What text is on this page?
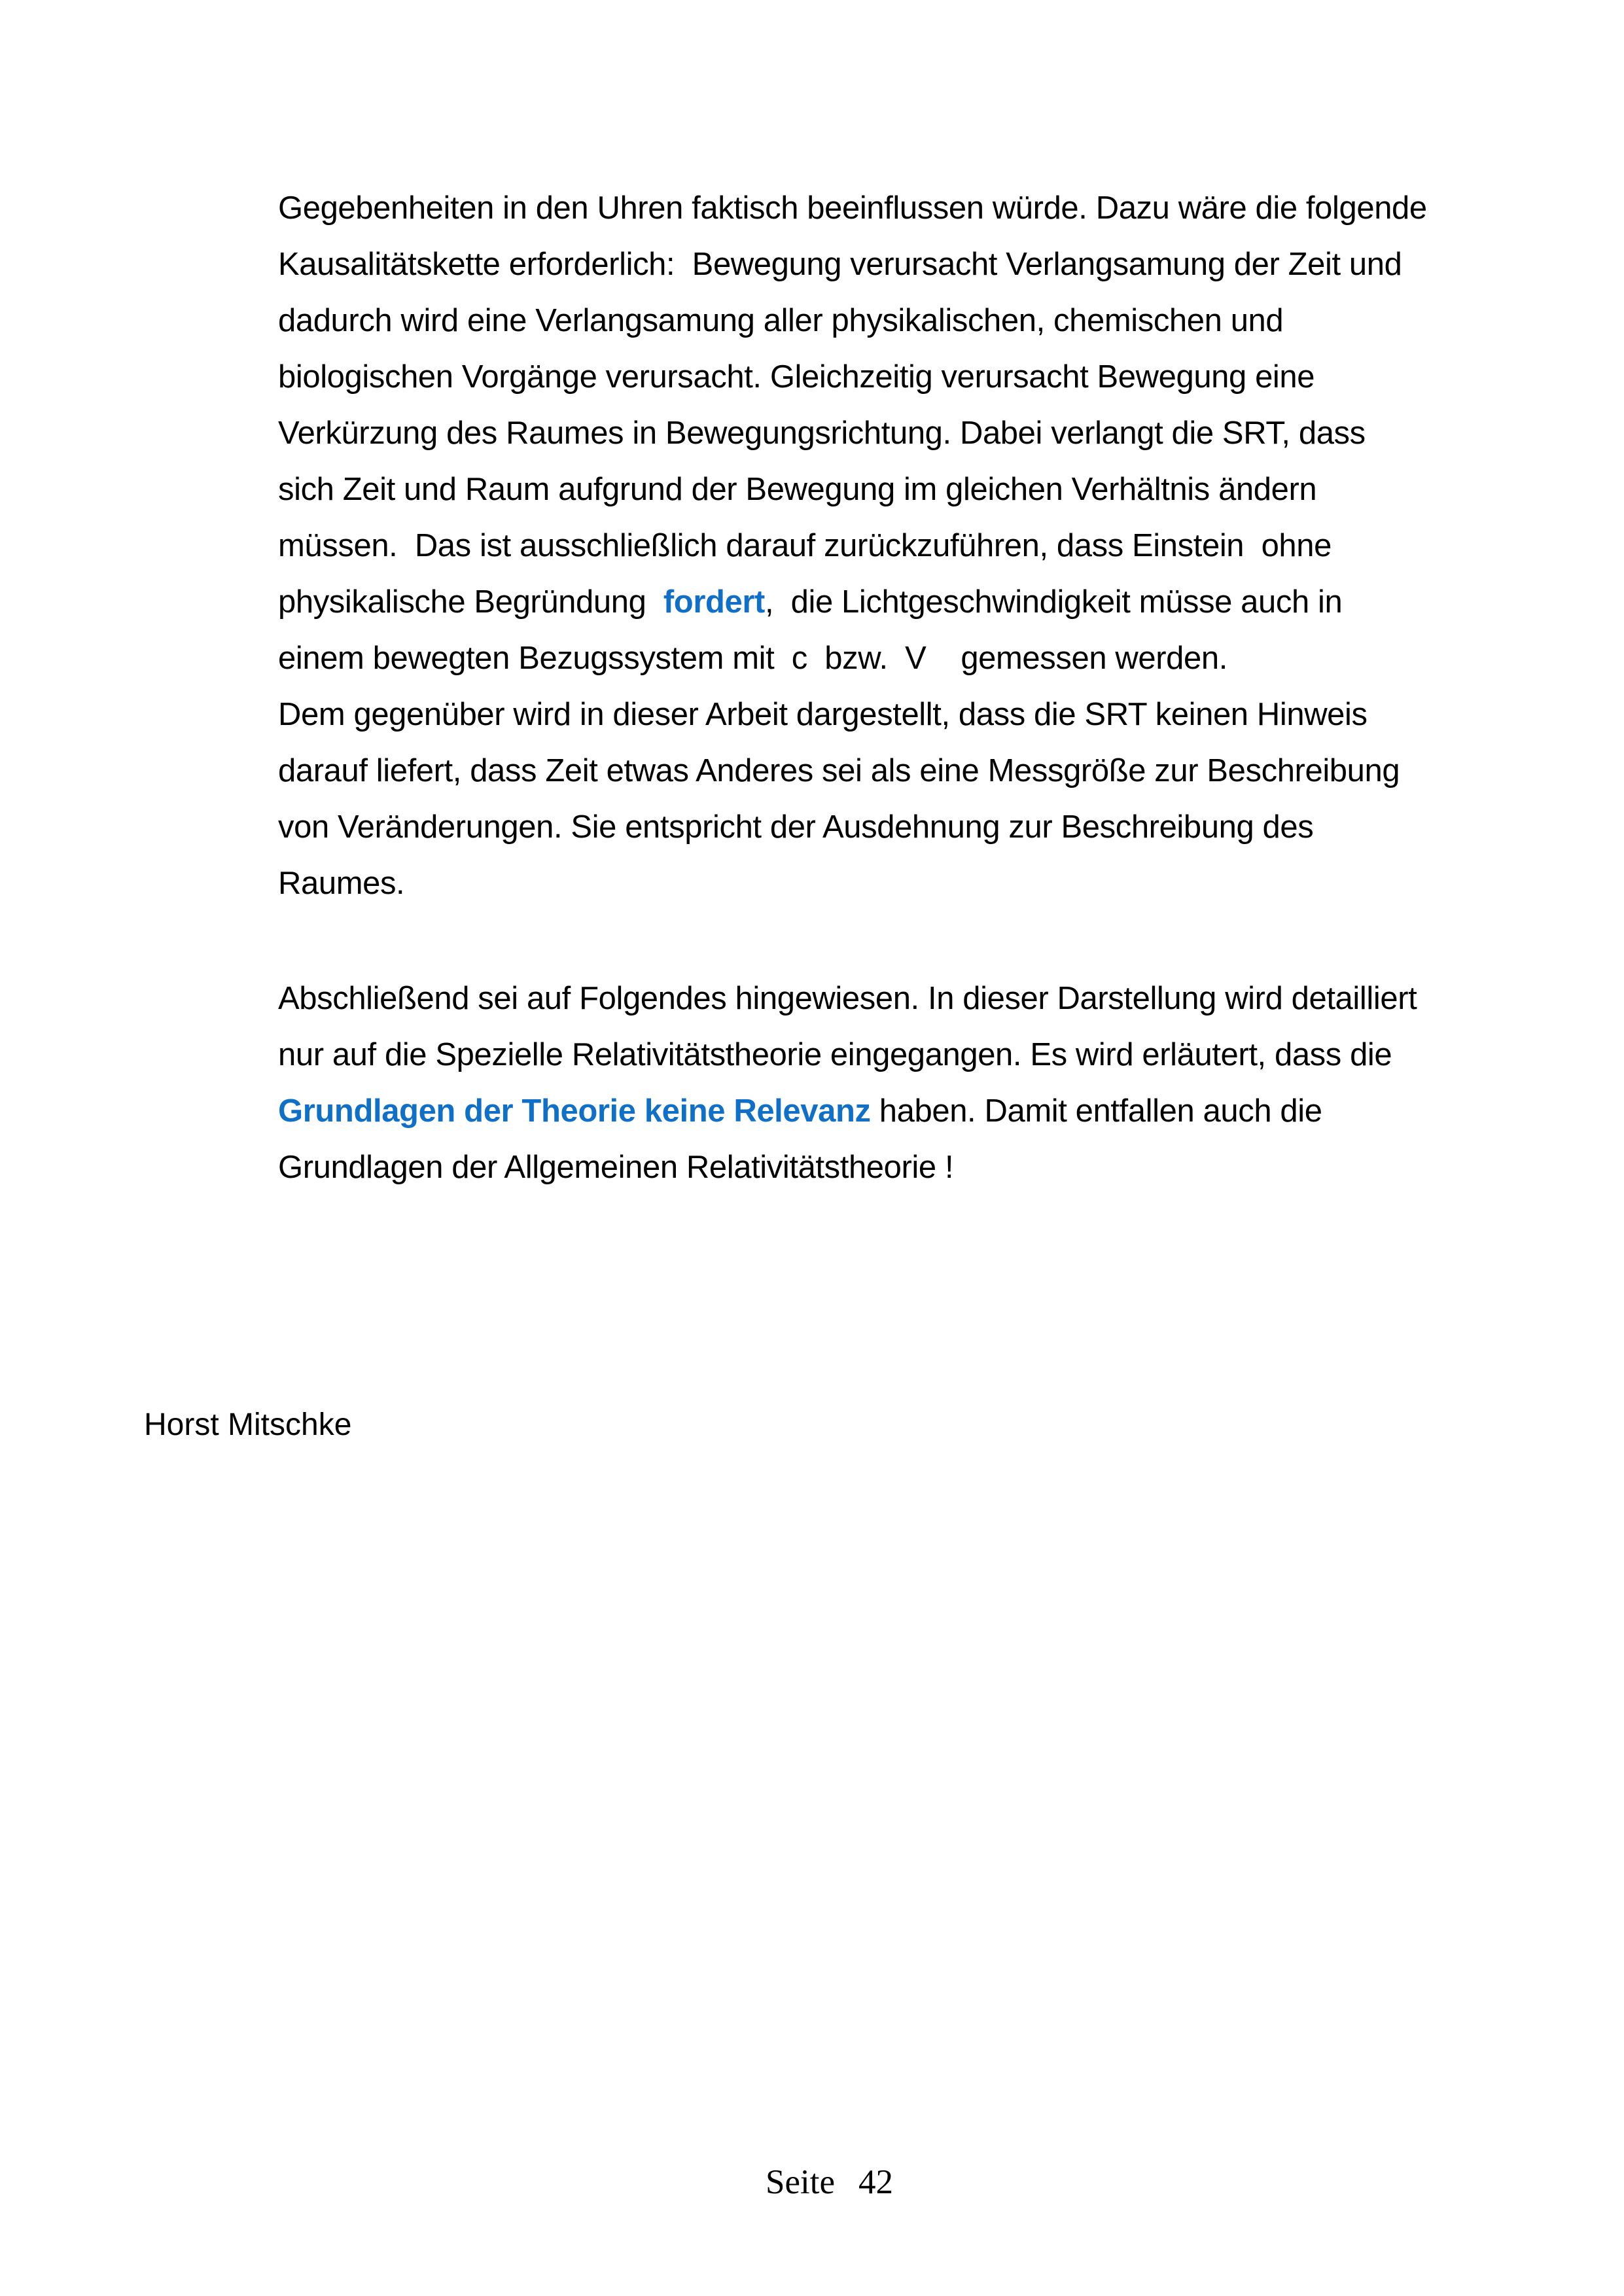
Gegebenheiten in den Uhren faktisch beeinflussen würde. Dazu wäre die folgende
Kausalitätskette erforderlich:  Bewegung verursacht Verlangsamung der Zeit und
dadurch wird eine Verlangsamung aller physikalischen, chemischen und
biologischen Vorgänge verursacht. Gleichzeitig verursacht Bewegung eine
Verkürzung des Raumes in Bewegungsrichtung. Dabei verlangt die SRT, dass
sich Zeit und Raum aufgrund der Bewegung im gleichen Verhältnis ändern
müssen.  Das ist ausschließlich darauf zurückzuführen, dass Einstein  ohne
physikalische Begründung  fordert,  die Lichtgeschwindigkeit müsse auch in
einem bewegten Bezugssystem mit  c  bzw.  V    gemessen werden.
Dem gegenüber wird in dieser Arbeit dargestellt, dass die SRT keinen Hinweis
darauf liefert, dass Zeit etwas Anderes sei als eine Messgröße zur Beschreibung
von Veränderungen. Sie entspricht der Ausdehnung zur Beschreibung des
Raumes.
Abschließend sei auf Folgendes hingewiesen. In dieser Darstellung wird detailliert
nur auf die Spezielle Relativitätstheorie eingegangen. Es wird erläutert, dass die
Grundlagen der Theorie keine Relevanz haben. Damit entfallen auch die
Grundlagen der Allgemeinen Relativitätstheorie !
Horst Mitschke

Seite 42
